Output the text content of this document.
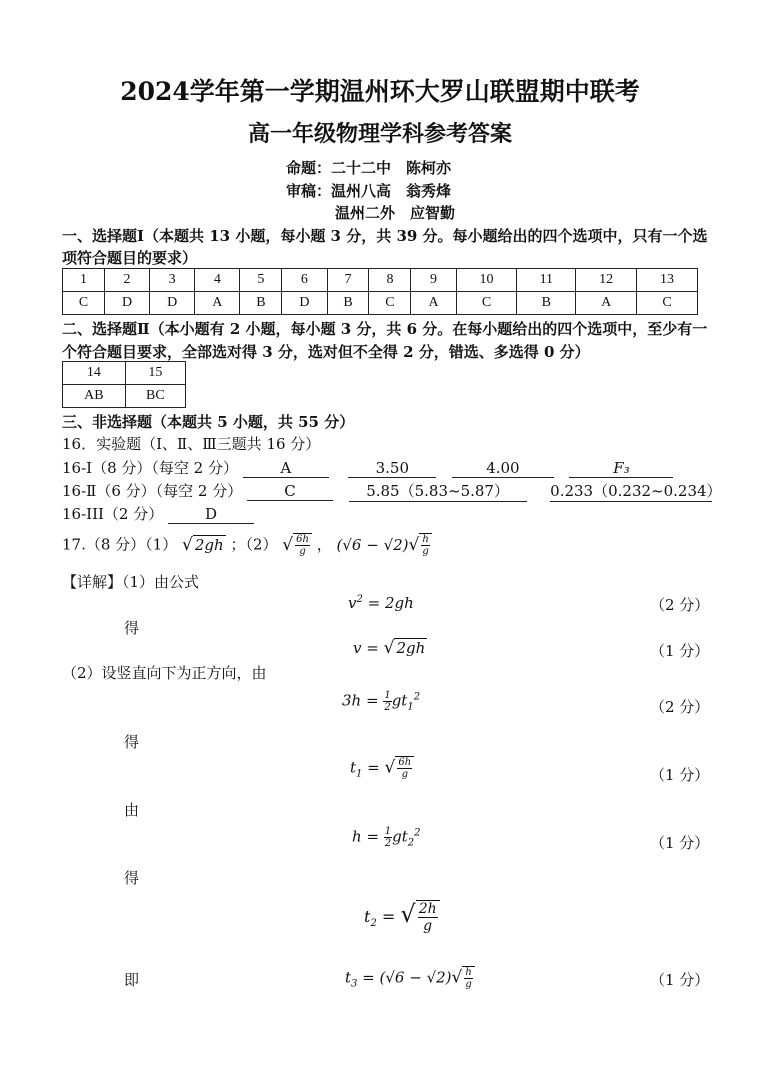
2024学年第一学期温州环大罗山联盟期中联考
高一年级物理学科参考答案
命题：二十二中　陈柯亦
审稿：温州八高　翁秀烽
温州二外　应智勤
一、选择题Ⅰ（本题共 13 小题，每小题 3 分，共 39 分。每小题给出的四个选项中，只有一个选
项符合题目的要求）
1	2	3	4	5	6	7	8	9	10	11	12	13
C	D	D	A	B	D	B	C	A	C	B	A	C
二、选择题Ⅱ（本小题有 2 小题，每小题 3 分，共 6 分。在每小题给出的四个选项中，至少有一
个符合题目要求，全部选对得 3 分，选对但不全得 2 分，错选、多选得 0 分）
14	15
AB	BC
三、非选择题（本题共 5 小题，共 55 分）
16．实验题（Ⅰ、Ⅱ、Ⅲ三题共 16 分）
16-I（8 分）（每空 2 分）	A	3.50	4.00	F₃
16-Ⅱ（6 分）（每空 2 分）	C	5.85（5.83~5.87）	0.233（0.232~0.234）
16-III（2 分）	D
17.（8 分）（1） √ 2gh ；（2） √ $\frac{6h}{g}$ ， $(√6 - √2)√ \frac{h}{g}$
【详解】（1）由公式
$v^2 = 2gh$	（2 分）
得
v = √ 2gh	（1 分）
（2）设竖直向下为正方向，由
$3h = \frac{1}{2} gt_1^2$
（2 分）
得
$t_1$ = √ $\frac{6h}{g}$	（1 分）
由
$h = \frac{1}{2} gt_2^2$
（1 分）
得
$t_2$ = √ $\frac{2h}{g}$
即	$t_3 = (√6 - √2)√ \frac{h}{g}$	（1 分）
